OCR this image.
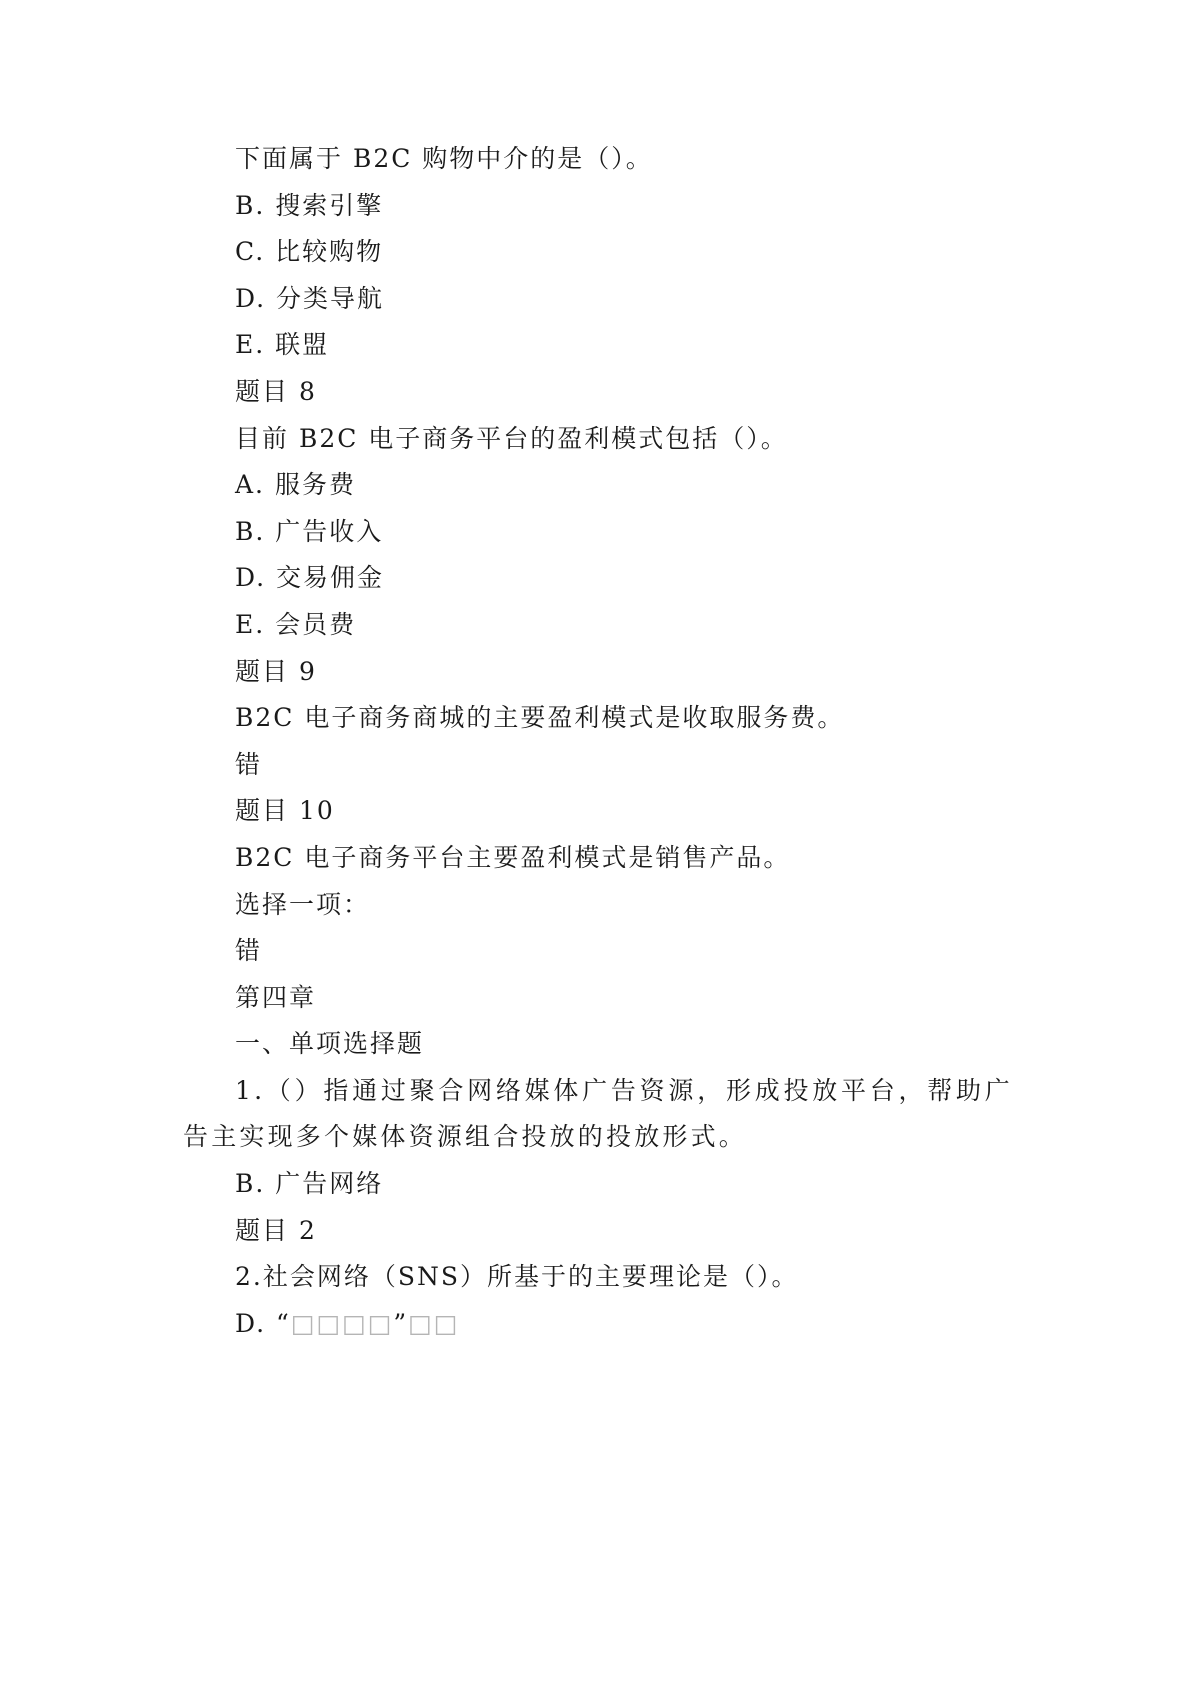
下面属于 B2C 购物中介的是（）。

B. 搜索引擎

C. 比较购物

D. 分类导航

E. 联盟

题目 8

目前 B2C 电子商务平台的盈利模式包括（）。

A. 服务费

B. 广告收入

D. 交易佣金

E. 会员费

题目 9

B2C 电子商务商城的主要盈利模式是收取服务费。

错

题目 10

B2C 电子商务平台主要盈利模式是销售产品。

选择一项：

错

第四章

一、单项选择题

1.（）指通过聚合网络媒体广告资源，形成投放平台，帮助广告主实现多个媒体资源组合投放的投放形式。

B. 广告网络

题目 2

2.社会网络（SNS）所基于的主要理论是（）。

D. “□□□□”□□
